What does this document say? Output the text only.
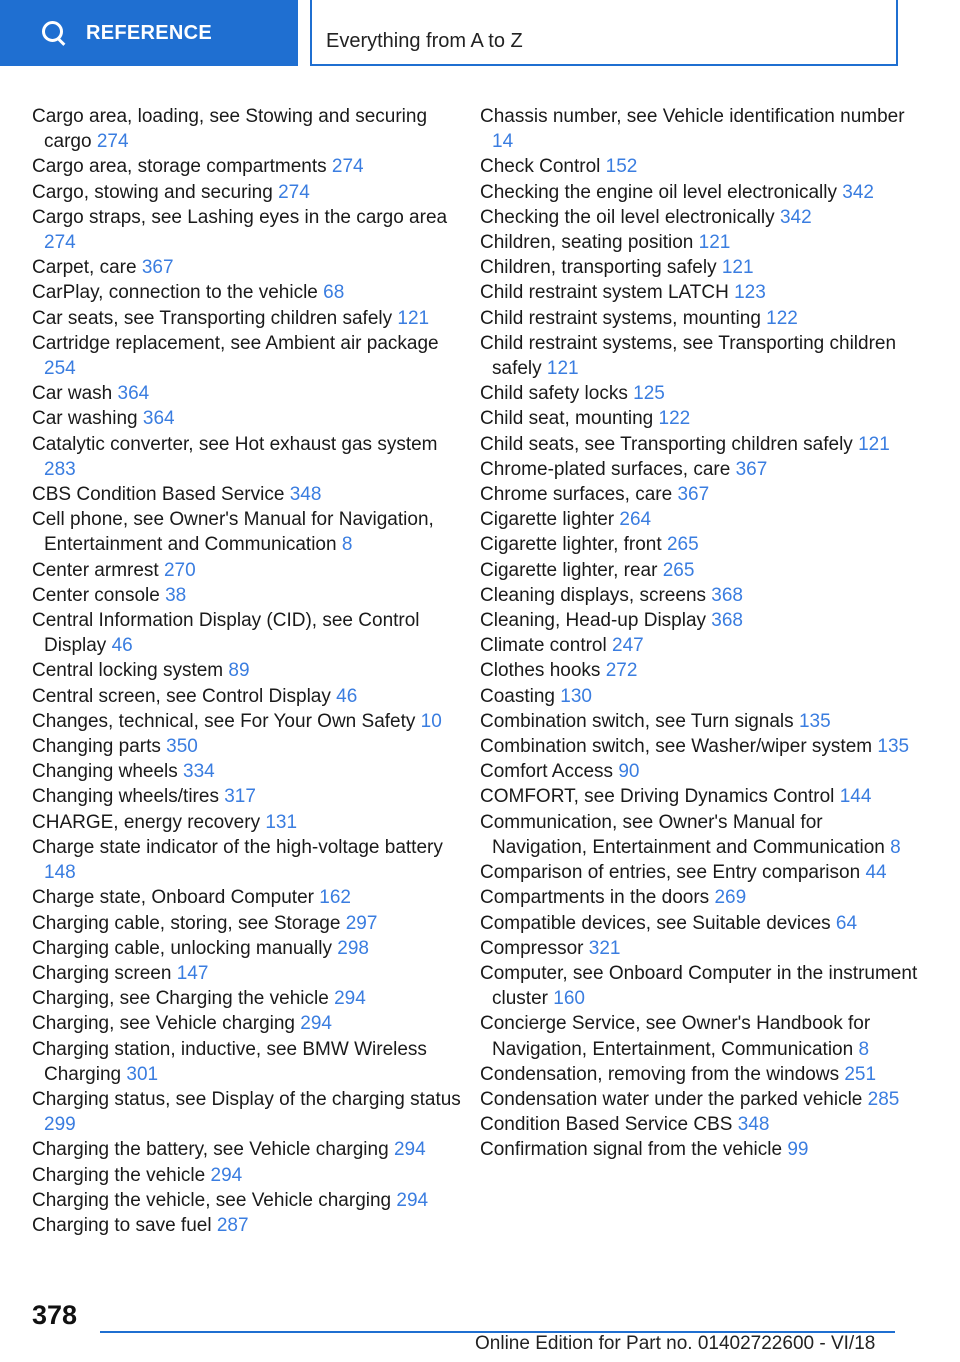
REFERENCE	Everything from A to Z
Cargo area, loading, see Stowing and securing cargo 274
Cargo area, storage compartments 274
Cargo, stowing and securing 274
Cargo straps, see Lashing eyes in the cargo area 274
Carpet, care 367
CarPlay, connection to the vehicle 68
Car seats, see Transporting children safely 121
Cartridge replacement, see Ambient air package 254
Car wash 364
Car washing 364
Catalytic converter, see Hot exhaust gas system 283
CBS Condition Based Service 348
Cell phone, see Owner's Manual for Navigation, Entertainment and Communication 8
Center armrest 270
Center console 38
Central Information Display (CID), see Control Display 46
Central locking system 89
Central screen, see Control Display 46
Changes, technical, see For Your Own Safety 10
Changing parts 350
Changing wheels 334
Changing wheels/tires 317
CHARGE, energy recovery 131
Charge state indicator of the high-voltage battery 148
Charge state, Onboard Computer 162
Charging cable, storing, see Storage 297
Charging cable, unlocking manually 298
Charging screen 147
Charging, see Charging the vehicle 294
Charging, see Vehicle charging 294
Charging station, inductive, see BMW Wireless Charging 301
Charging status, see Display of the charging status 299
Charging the battery, see Vehicle charging 294
Charging the vehicle 294
Charging the vehicle, see Vehicle charging 294
Charging to save fuel 287
Chassis number, see Vehicle identification number 14
Check Control 152
Checking the engine oil level electronically 342
Checking the oil level electronically 342
Children, seating position 121
Children, transporting safely 121
Child restraint system LATCH 123
Child restraint systems, mounting 122
Child restraint systems, see Transporting children safely 121
Child safety locks 125
Child seat, mounting 122
Child seats, see Transporting children safely 121
Chrome-plated surfaces, care 367
Chrome surfaces, care 367
Cigarette lighter 264
Cigarette lighter, front 265
Cigarette lighter, rear 265
Cleaning displays, screens 368
Cleaning, Head-up Display 368
Climate control 247
Clothes hooks 272
Coasting 130
Combination switch, see Turn signals 135
Combination switch, see Washer/wiper system 135
Comfort Access 90
COMFORT, see Driving Dynamics Control 144
Communication, see Owner's Manual for Navigation, Entertainment and Communication 8
Comparison of entries, see Entry comparison 44
Compartments in the doors 269
Compatible devices, see Suitable devices 64
Compressor 321
Computer, see Onboard Computer in the instrument cluster 160
Concierge Service, see Owner's Handbook for Navigation, Entertainment, Communication 8
Condensation, removing from the windows 251
Condensation water under the parked vehicle 285
Condition Based Service CBS 348
Confirmation signal from the vehicle 99
378
Online Edition for Part no. 01402722600 - VI/18
